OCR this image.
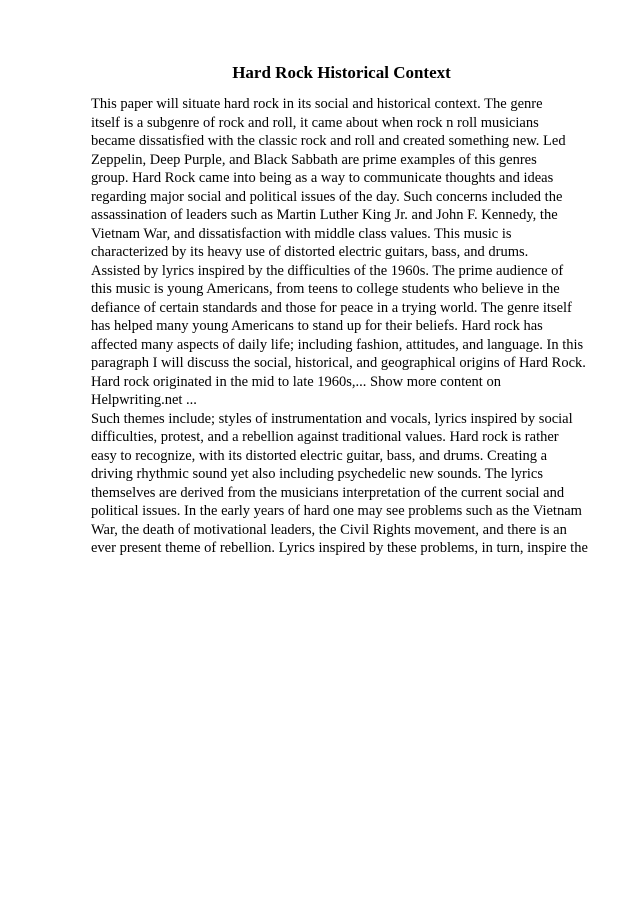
Hard Rock Historical Context
This paper will situate hard rock in its social and historical context. The genre
itself is a subgenre of rock and roll, it came about when rock n roll musicians
became dissatisfied with the classic rock and roll and created something new. Led
Zeppelin, Deep Purple, and Black Sabbath are prime examples of this genres
group. Hard Rock came into being as a way to communicate thoughts and ideas
regarding major social and political issues of the day. Such concerns included the
assassination of leaders such as Martin Luther King Jr. and John F. Kennedy, the
Vietnam War, and dissatisfaction with middle class values. This music is
characterized by its heavy use of distorted electric guitars, bass, and drums.
Assisted by lyrics inspired by the difficulties of the 1960s. The prime audience of
this music is young Americans, from teens to college students who believe in the
defiance of certain standards and those for peace in a trying world. The genre itself
has helped many young Americans to stand up for their beliefs. Hard rock has
affected many aspects of daily life; including fashion, attitudes, and language. In this
paragraph I will discuss the social, historical, and geographical origins of Hard Rock.
Hard rock originated in the mid to late 1960s,... Show more content on
Helpwriting.net ...
Such themes include; styles of instrumentation and vocals, lyrics inspired by social
difficulties, protest, and a rebellion against traditional values. Hard rock is rather
easy to recognize, with its distorted electric guitar, bass, and drums. Creating a
driving rhythmic sound yet also including psychedelic new sounds. The lyrics
themselves are derived from the musicians interpretation of the current social and
political issues. In the early years of hard one may see problems such as the Vietnam
War, the death of motivational leaders, the Civil Rights movement, and there is an
ever present theme of rebellion. Lyrics inspired by these problems, in turn, inspire the
